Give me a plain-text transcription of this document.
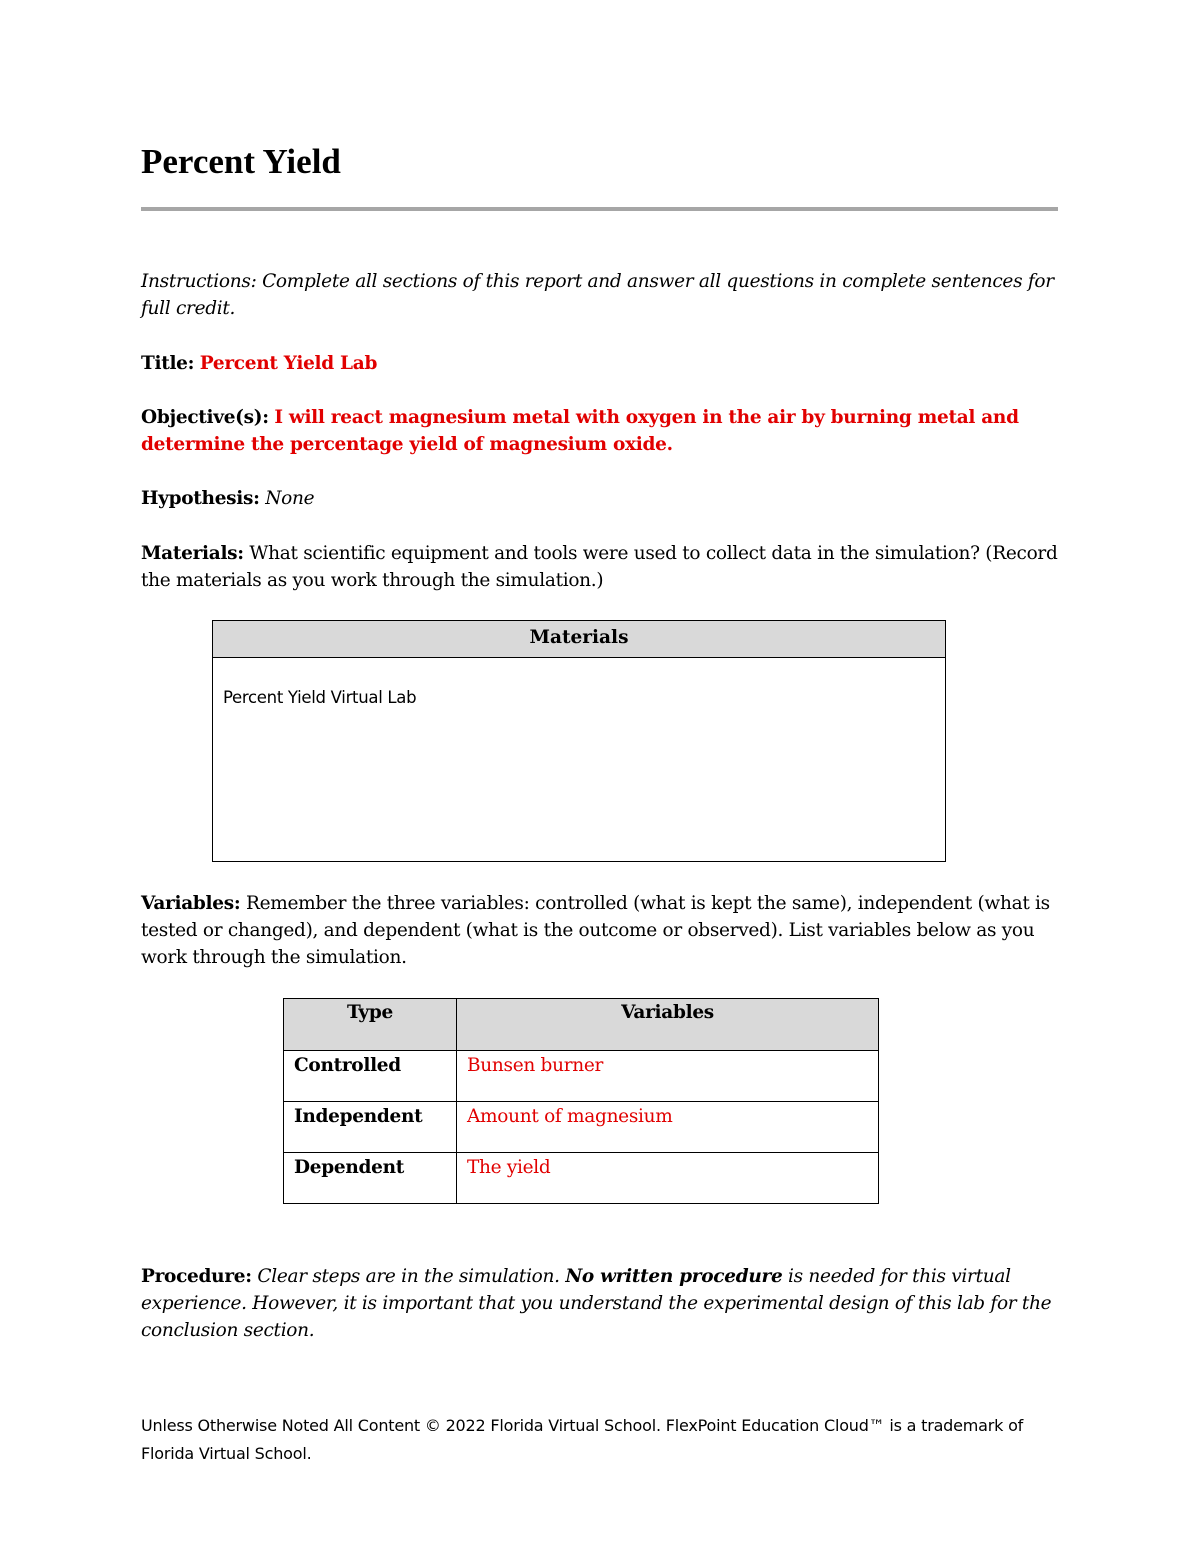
Percent Yield

Instructions: Complete all sections of this report and answer all questions in complete sentences for full credit.

Title: Percent Yield Lab

Objective(s): I will react magnesium metal with oxygen in the air by burning metal and determine the percentage yield of magnesium oxide.

Hypothesis: None

Materials: What scientific equipment and tools were used to collect data in the simulation? (Record the materials as you work through the simulation.)

Materials
Percent Yield Virtual Lab

Variables: Remember the three variables: controlled (what is kept the same), independent (what is tested or changed), and dependent (what is the outcome or observed). List variables below as you work through the simulation.

Type	Variables
Controlled	Bunsen burner
Independent	Amount of magnesium
Dependent	The yield

Procedure: Clear steps are in the simulation. No written procedure is needed for this virtual experience. However, it is important that you understand the experimental design of this lab for the conclusion section.

Unless Otherwise Noted All Content © 2022 Florida Virtual School. FlexPoint Education Cloud™ is a trademark of Florida Virtual School.
